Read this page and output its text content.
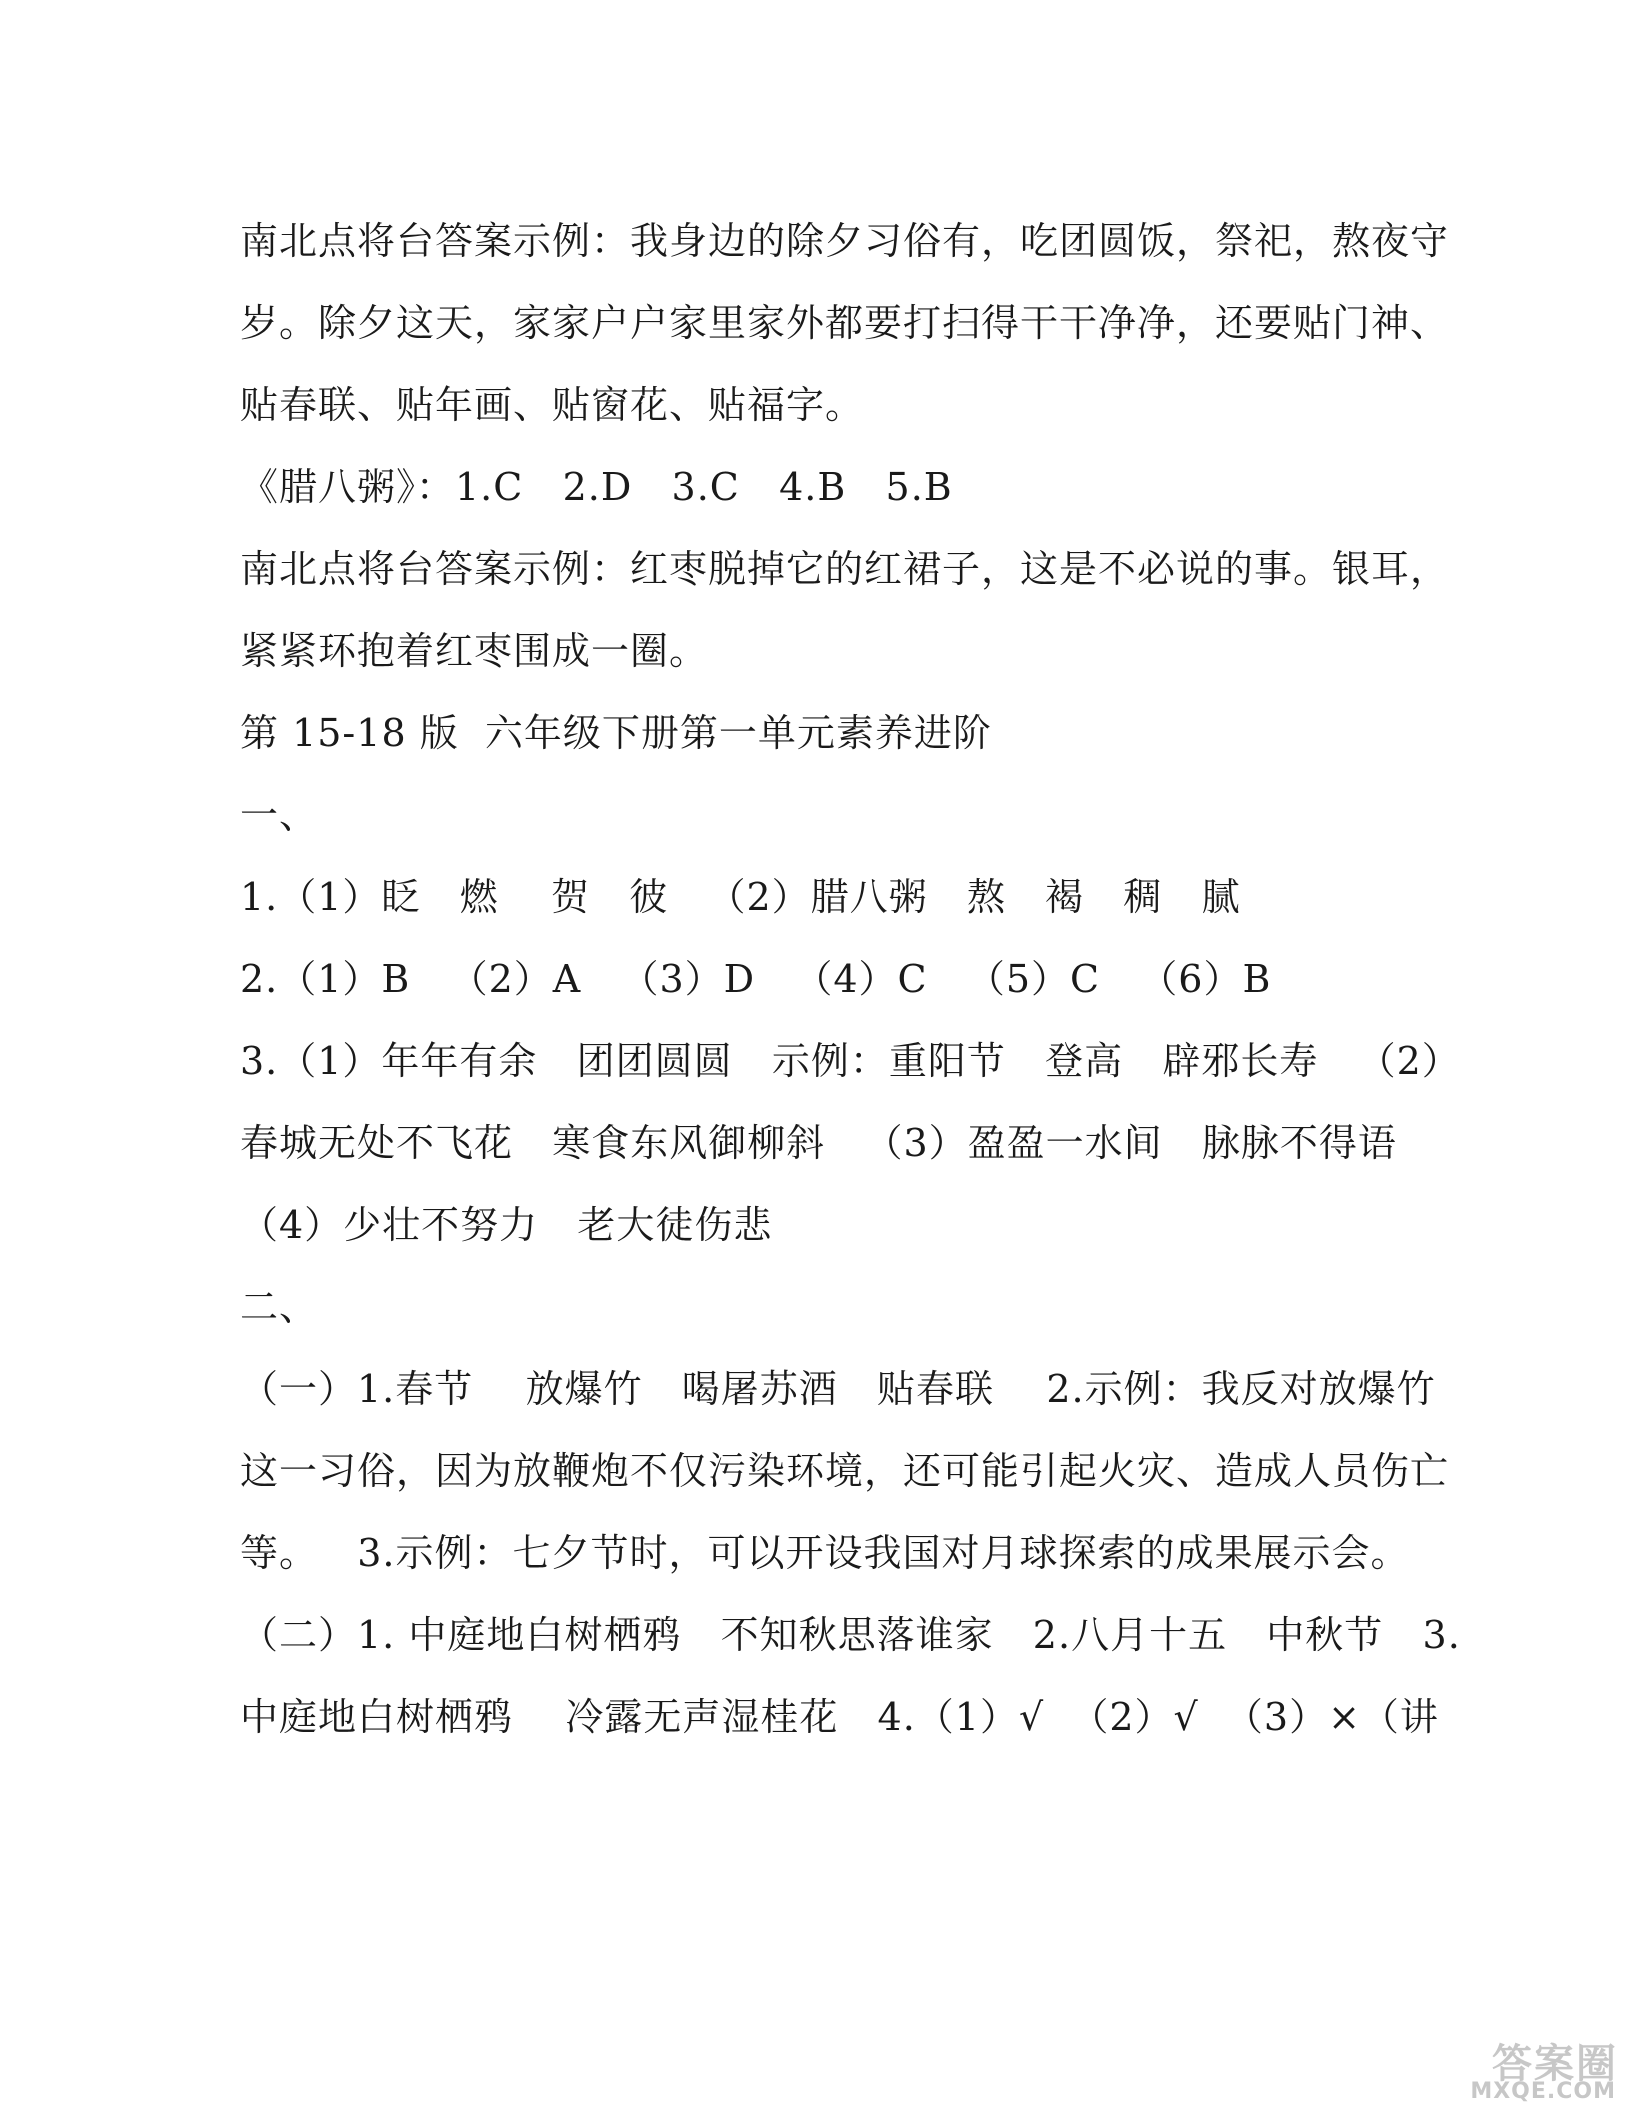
南北点将台答案示例：我身边的除夕习俗有，吃团圆饭，祭祀，熬夜守
岁。除夕这天，家家户户家里家外都要打扫得干干净净，还要贴门神、
贴春联、贴年画、贴窗花、贴福字。
《腊八粥》：1.C   2.D   3.C   4.B   5.B
南北点将台答案示例：红枣脱掉它的红裙子，这是不必说的事。银耳，
紧紧环抱着红枣围成一圈。
第 15-18 版  六年级下册第一单元素养进阶
一、
1.（1）眨   燃    贺   彼   （2）腊八粥   熬   褐   稠   腻
2.（1）B   （2）A   （3）D   （4）C   （5）C   （6）B
3.（1）年年有余   团团圆圆   示例：重阳节   登高   辟邪长寿   （2）
春城无处不飞花   寒食东风御柳斜   （3）盈盈一水间   脉脉不得语
（4）少壮不努力   老大徒伤悲
二、
（一）1.春节    放爆竹   喝屠苏酒   贴春联    2.示例：我反对放爆竹
这一习俗，因为放鞭炮不仅污染环境，还可能引起火灾、造成人员伤亡
等。   3.示例：七夕节时，可以开设我国对月球探索的成果展示会。
（二）1. 中庭地白树栖鸦   不知秋思落谁家   2.八月十五   中秋节   3.
中庭地白树栖鸦    冷露无声湿桂花   4.（1）√  （2）√  （3）×（讲
答案圈
MXQE.COM
